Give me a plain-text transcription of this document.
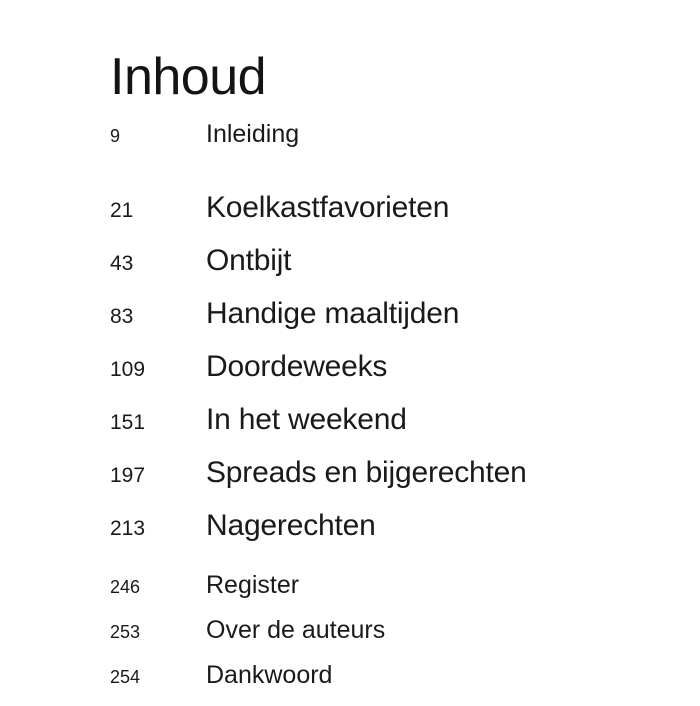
Inhoud
9	Inleiding
21	Koelkastfavorieten
43	Ontbijt
83	Handige maaltijden
109	Doordeweeks
151	In het weekend
197	Spreads en bijgerechten
213	Nagerechten
246	Register
253	Over de auteurs
254	Dankwoord
